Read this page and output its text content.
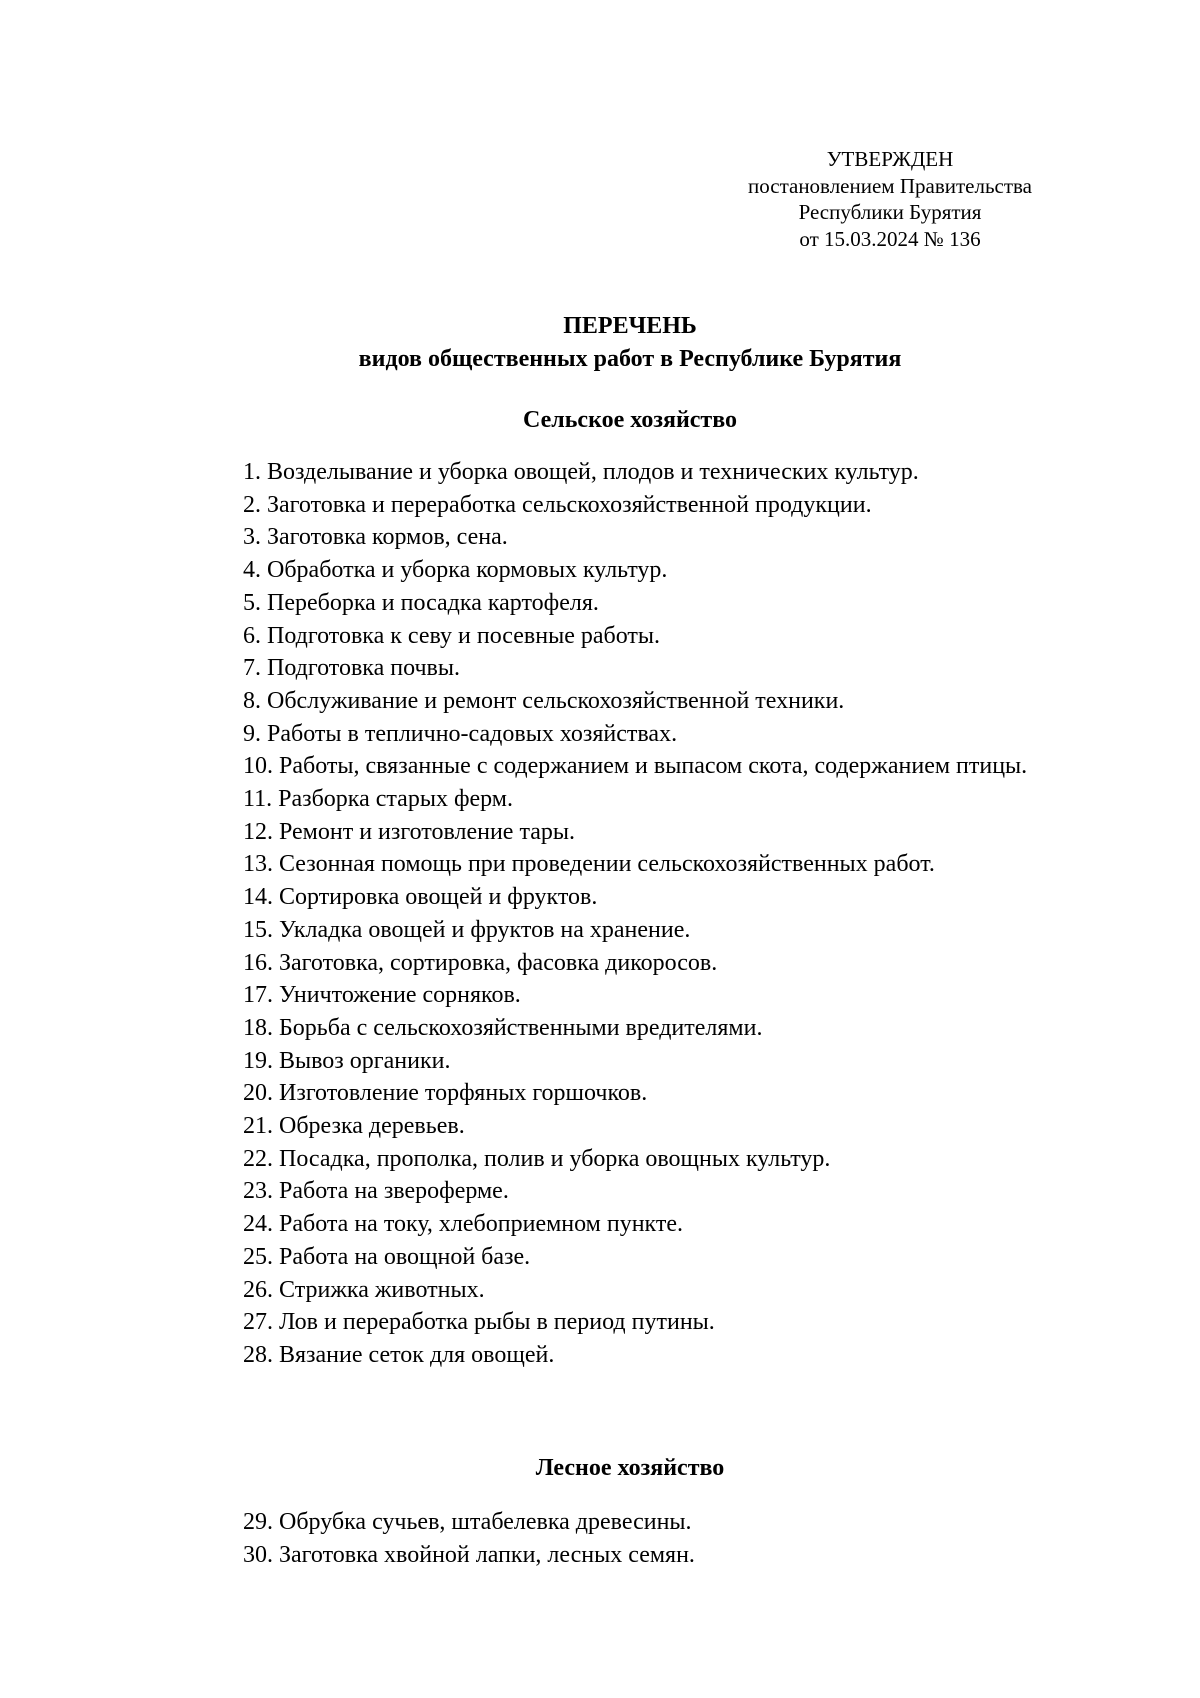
УТВЕРЖДЕН
постановлением Правительства
Республики Бурятия
от 15.03.2024 № 136
ПЕРЕЧЕНЬ
видов общественных работ в Республике Бурятия
Сельское хозяйство
1. Возделывание и уборка овощей, плодов и технических культур.
2. Заготовка и переработка сельскохозяйственной продукции.
3. Заготовка кормов, сена.
4. Обработка и уборка кормовых культур.
5. Переборка и посадка картофеля.
6. Подготовка к севу и посевные работы.
7. Подготовка почвы.
8. Обслуживание и ремонт сельскохозяйственной техники.
9. Работы в теплично-садовых хозяйствах.
10. Работы, связанные с содержанием и выпасом скота, содержанием птицы.
11. Разборка старых ферм.
12. Ремонт и изготовление тары.
13. Сезонная помощь при проведении сельскохозяйственных работ.
14. Сортировка овощей и фруктов.
15. Укладка овощей и фруктов на хранение.
16. Заготовка, сортировка, фасовка дикоросов.
17. Уничтожение сорняков.
18. Борьба с сельскохозяйственными вредителями.
19. Вывоз органики.
20. Изготовление торфяных горшочков.
21. Обрезка деревьев.
22. Посадка, прополка, полив и уборка овощных культур.
23. Работа на звероферме.
24. Работа на току, хлебоприемном пункте.
25. Работа на овощной базе.
26. Стрижка животных.
27. Лов и переработка рыбы в период путины.
28. Вязание сеток для овощей.
Лесное хозяйство
29. Обрубка сучьев, штабелевка древесины.
30. Заготовка хвойной лапки, лесных семян.
